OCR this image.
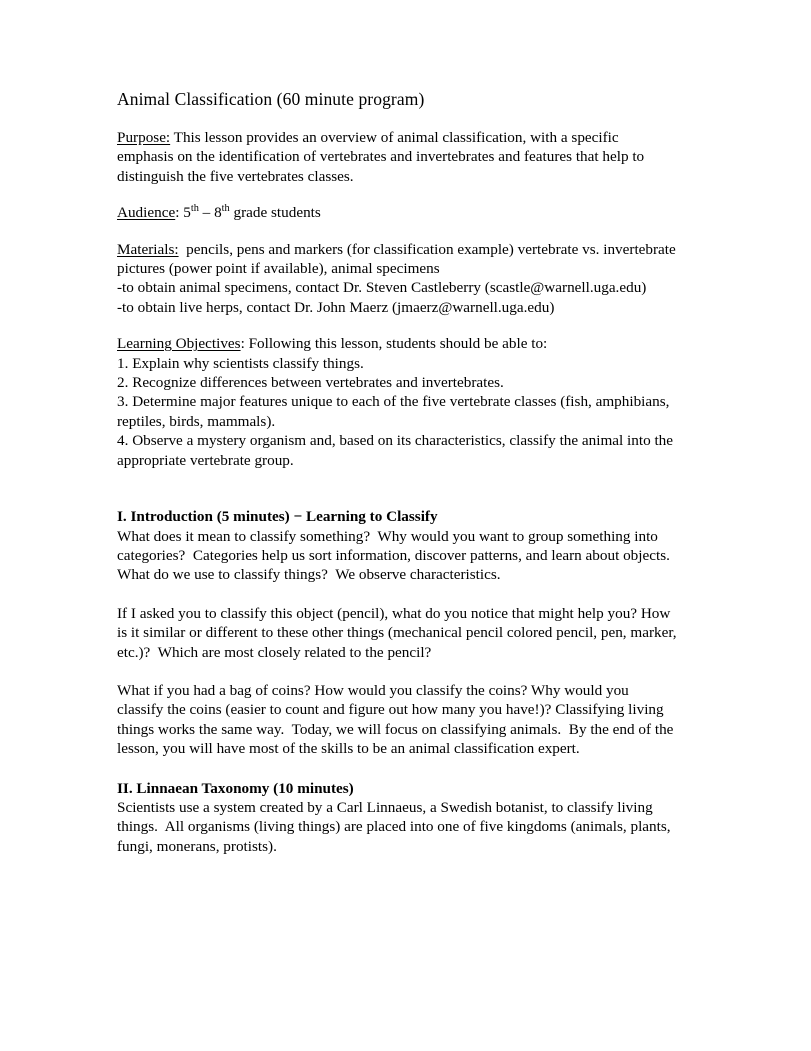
Animal Classification (60 minute program)

Purpose: This lesson provides an overview of animal classification, with a specific emphasis on the identification of vertebrates and invertebrates and features that help to distinguish the five vertebrates classes.

Audience: 5th – 8th grade students

Materials:  pencils, pens and markers (for classification example) vertebrate vs. invertebrate pictures (power point if available), animal specimens

-to obtain animal specimens, contact Dr. Steven Castleberry (scastle@warnell.uga.edu)

-to obtain live herps, contact Dr. John Maerz (jmaerz@warnell.uga.edu)

Learning Objectives: Following this lesson, students should be able to:

1. Explain why scientists classify things.

2. Recognize differences between vertebrates and invertebrates.

3. Determine major features unique to each of the five vertebrate classes (fish, amphibians, reptiles, birds, mammals).

4. Observe a mystery organism and, based on its characteristics, classify the animal into the appropriate vertebrate group.

I. Introduction (5 minutes) − Learning to Classify

What does it mean to classify something?  Why would you want to group something into categories?  Categories help us sort information, discover patterns, and learn about objects.  What do we use to classify things?  We observe characteristics.

If I asked you to classify this object (pencil), what do you notice that might help you? How is it similar or different to these other things (mechanical pencil colored pencil, pen, marker, etc.)?  Which are most closely related to the pencil?

What if you had a bag of coins? How would you classify the coins? Why would you classify the coins (easier to count and figure out how many you have!)? Classifying living things works the same way.  Today, we will focus on classifying animals.  By the end of the lesson, you will have most of the skills to be an animal classification expert.

II. Linnaean Taxonomy (10 minutes)

Scientists use a system created by a Carl Linnaeus, a Swedish botanist, to classify living things.  All organisms (living things) are placed into one of five kingdoms (animals, plants, fungi, monerans, protists).
